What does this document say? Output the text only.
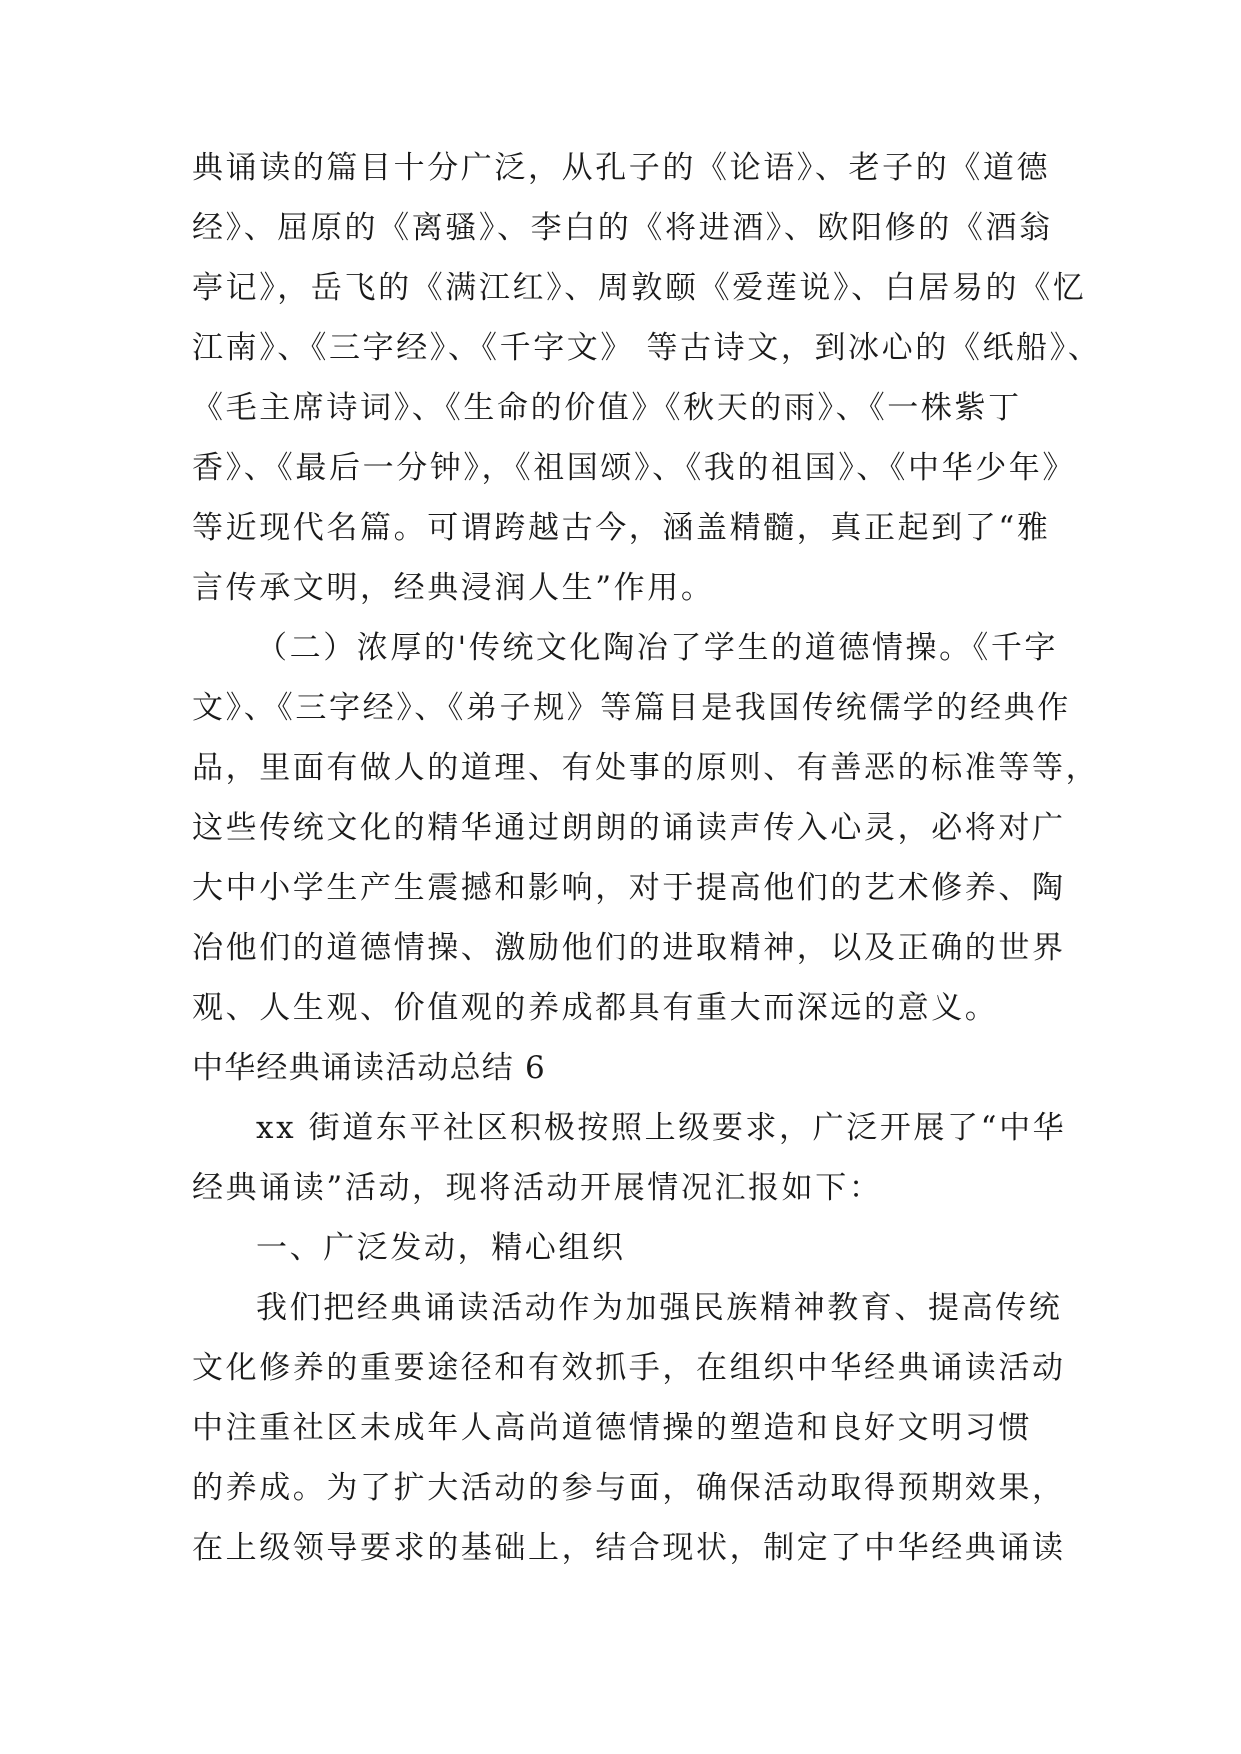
典诵读的篇目十分广泛，从孔子的《论语》、老子的《道德
经》、屈原的《离骚》、李白的《将进酒》、欧阳修的《酒翁
亭记》，岳飞的《满江红》、周敦颐《爱莲说》、白居易的《忆
江南》、《三字经》、《千字文》 等古诗文，到冰心的《纸船》、
《毛主席诗词》、《生命的价值》《秋天的雨》、《一株紫丁
香》、《最后一分钟》，《祖国颂》、《我的祖国》、《中华少年》
等近现代名篇。可谓跨越古今，涵盖精髓，真正起到了“雅
言传承文明，经典浸润人生”作用。
（二）浓厚的'传统文化陶冶了学生的道德情操。《千字
文》、《三字经》、《弟子规》等篇目是我国传统儒学的经典作
品，里面有做人的道理、有处事的原则、有善恶的标准等等，
这些传统文化的精华通过朗朗的诵读声传入心灵，必将对广
大中小学生产生震撼和影响，对于提高他们的艺术修养、陶
冶他们的道德情操、激励他们的进取精神，以及正确的世界
观、人生观、价值观的养成都具有重大而深远的意义。
中华经典诵读活动总结 6
xx 街道东平社区积极按照上级要求，广泛开展了“中华
经典诵读”活动，现将活动开展情况汇报如下：
一、广泛发动，精心组织
我们把经典诵读活动作为加强民族精神教育、提高传统
文化修养的重要途径和有效抓手，在组织中华经典诵读活动
中注重社区未成年人高尚道德情操的塑造和良好文明习惯
的养成。为了扩大活动的参与面，确保活动取得预期效果，
在上级领导要求的基础上，结合现状，制定了中华经典诵读
